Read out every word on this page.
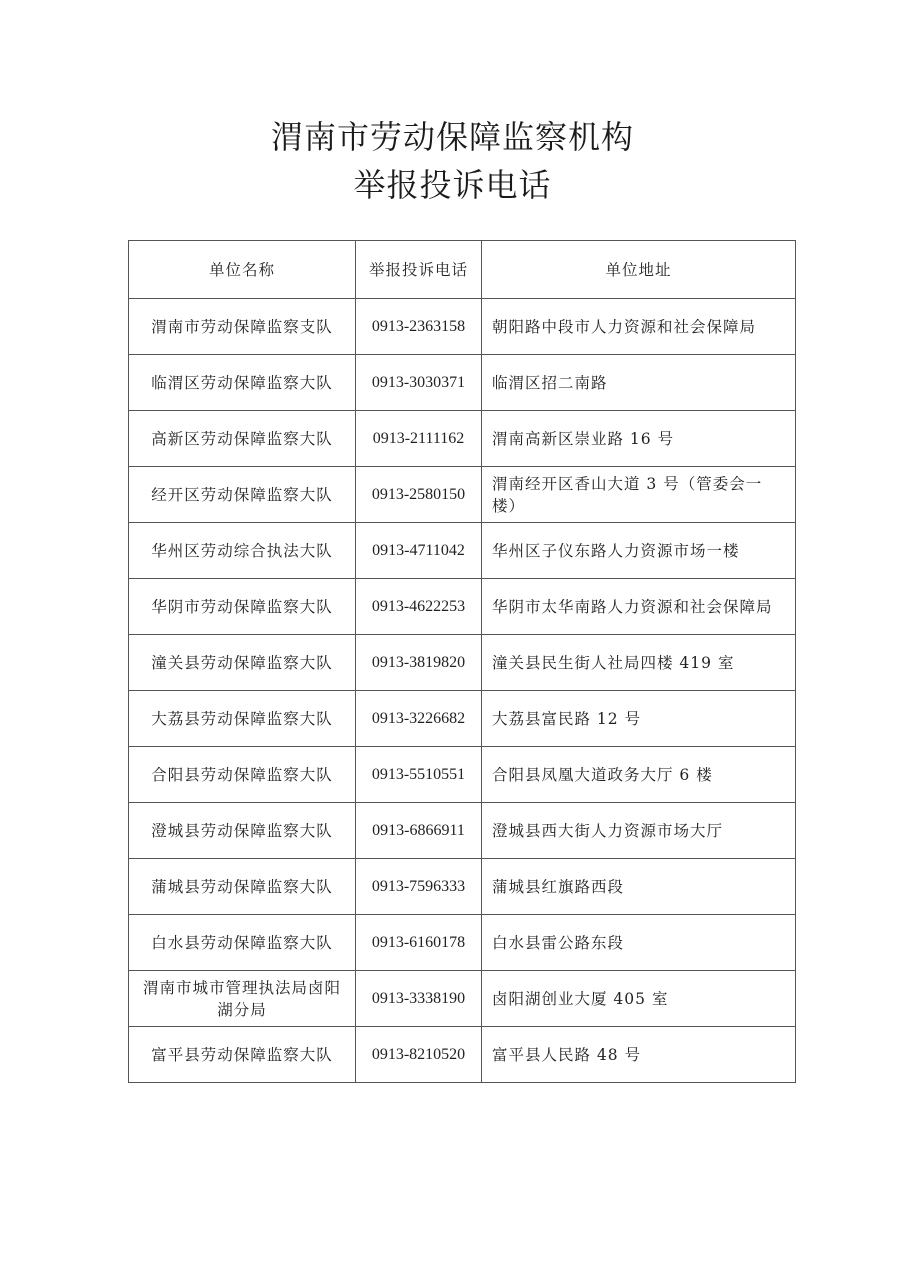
渭南市劳动保障监察机构
举报投诉电话
单位名称	举报投诉电话	单位地址
渭南市劳动保障监察支队	0913-2363158	朝阳路中段市人力资源和社会保障局
临渭区劳动保障监察大队	0913-3030371	临渭区招二南路
高新区劳动保障监察大队	0913-2111162	渭南高新区崇业路 16 号
经开区劳动保障监察大队	0913-2580150	渭南经开区香山大道 3 号（管委会一楼）
华州区劳动综合执法大队	0913-4711042	华州区子仪东路人力资源市场一楼
华阴市劳动保障监察大队	0913-4622253	华阴市太华南路人力资源和社会保障局
潼关县劳动保障监察大队	0913-3819820	潼关县民生街人社局四楼 419 室
大荔县劳动保障监察大队	0913-3226682	大荔县富民路 12 号
合阳县劳动保障监察大队	0913-5510551	合阳县凤凰大道政务大厅 6 楼
澄城县劳动保障监察大队	0913-6866911	澄城县西大街人力资源市场大厅
蒲城县劳动保障监察大队	0913-7596333	蒲城县红旗路西段
白水县劳动保障监察大队	0913-6160178	白水县雷公路东段
渭南市城市管理执法局卤阳湖分局	0913-3338190	卤阳湖创业大厦 405 室
富平县劳动保障监察大队	0913-8210520	富平县人民路 48 号
